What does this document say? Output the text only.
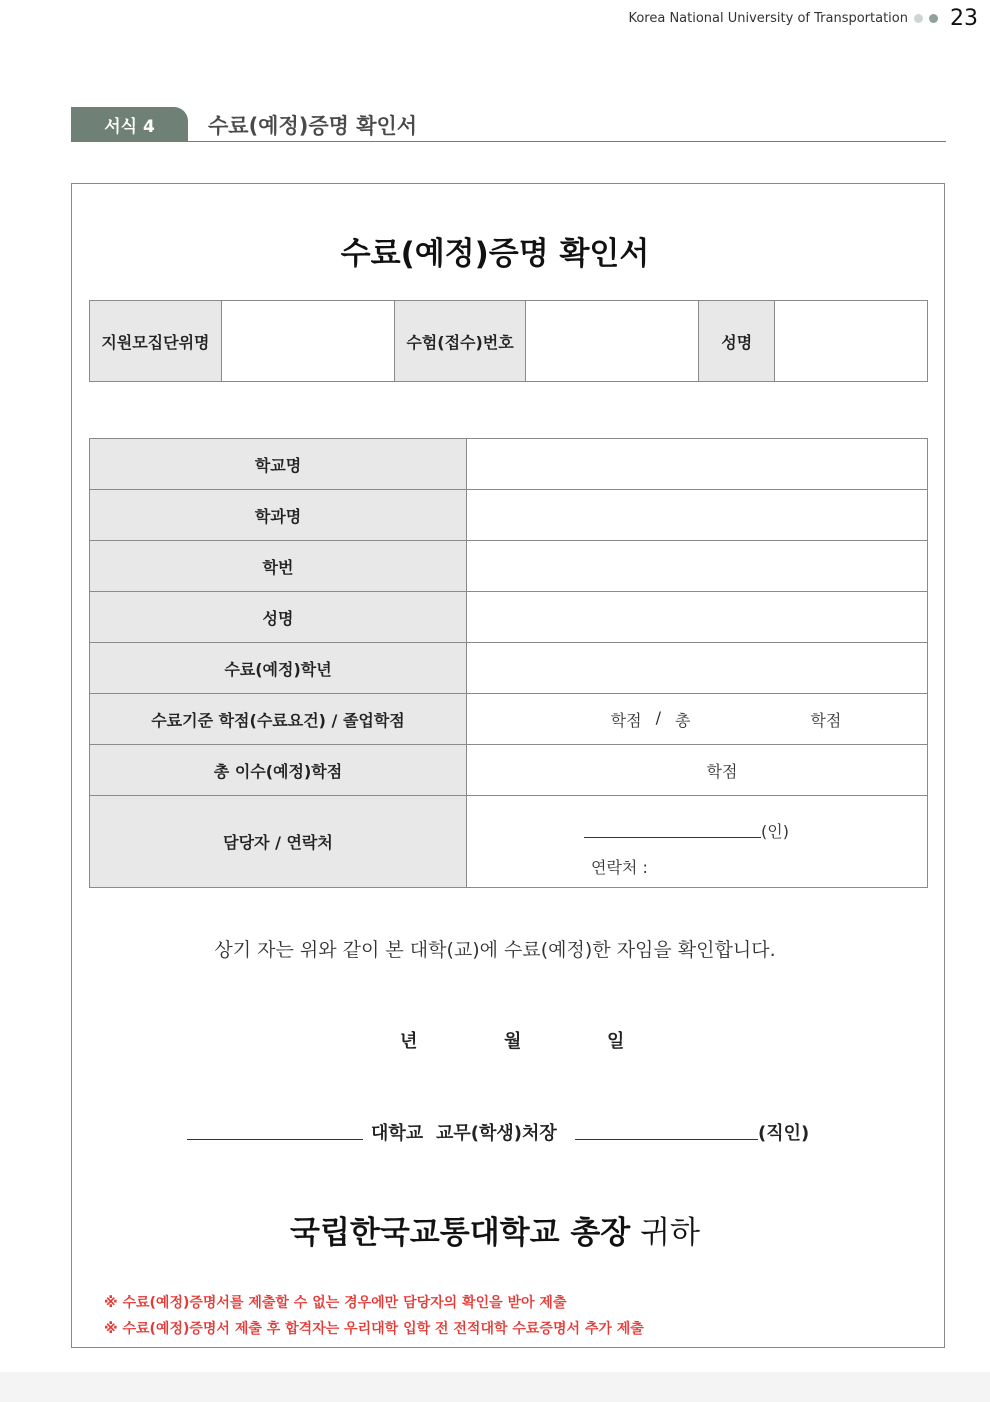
Korea National University of Transportation 23
서식 4	수료(예정)증명 확인서
수료(예정)증명 확인서
지원모집단위명		수험(접수)번호		성명	
학교명	
학과명	
학번	
성명	
수료(예정)학년	
수료기준 학점(수료요건) / 졸업학점	학점 / 총 학점

총 이수(예정)학점	학점

담당자 / 연락처	(인)
연락처 :
상기 자는 위와 같이 본 대학(교)에 수료(예정)한 자임을 확인합니다.
년	월	일
대학교 교무(학생)처장	(직인)
국립한국교통대학교 총장 귀하
※ 수료(예정)증명서를 제출할 수 없는 경우에만 담당자의 확인을 받아 제출
※ 수료(예정)증명서 제출 후 합격자는 우리대학 입학 전 전적대학 수료증명서 추가 제출
